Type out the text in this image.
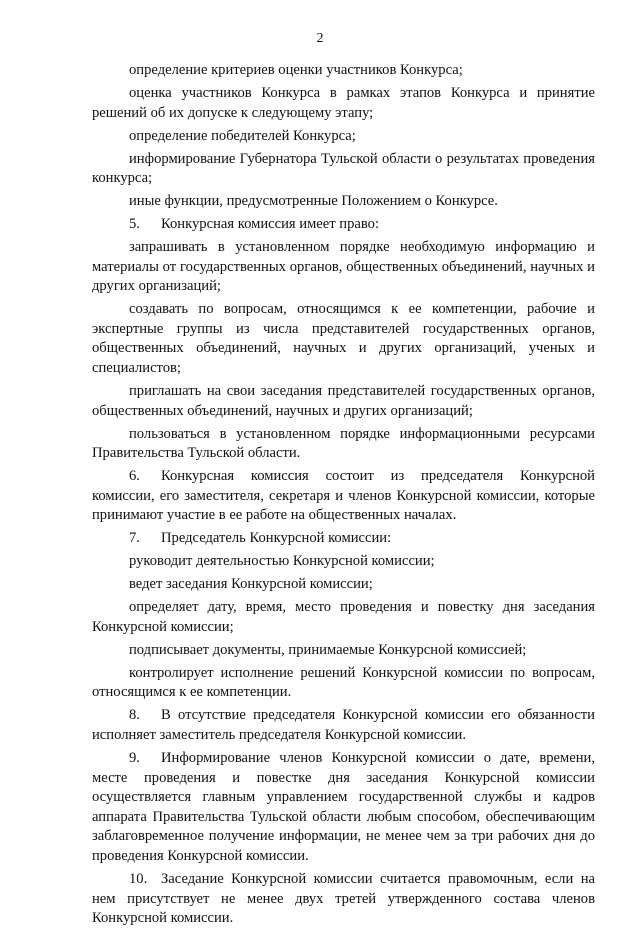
2

определение критериев оценки участников Конкурса;

оценка участников Конкурса в рамках этапов Конкурса и принятие решений об их допуске к следующему этапу;

определение победителей Конкурса;

информирование Губернатора Тульской области о результатах проведения конкурса;

иные функции, предусмотренные Положением о Конкурсе.

5. Конкурсная комиссия имеет право:

запрашивать в установленном порядке необходимую информацию и материалы от государственных органов, общественных объединений, научных и других организаций;

создавать по вопросам, относящимся к ее компетенции, рабочие и экспертные группы из числа представителей государственных органов, общественных объединений, научных и других организаций, ученых и специалистов;

приглашать на свои заседания представителей государственных органов, общественных объединений, научных и других организаций;

пользоваться в установленном порядке информационными ресурсами Правительства Тульской области.

6. Конкурсная комиссия состоит из председателя Конкурсной комиссии, его заместителя, секретаря и членов Конкурсной комиссии, которые принимают участие в ее работе на общественных началах.

7. Председатель Конкурсной комиссии:

руководит деятельностью Конкурсной комиссии;

ведет заседания Конкурсной комиссии;

определяет дату, время, место проведения и повестку дня заседания Конкурсной комиссии;

подписывает документы, принимаемые Конкурсной комиссией;

контролирует исполнение решений Конкурсной комиссии по вопросам, относящимся к ее компетенции.

8. В отсутствие председателя Конкурсной комиссии его обязанности исполняет заместитель председателя Конкурсной комиссии.

9. Информирование членов Конкурсной комиссии о дате, времени, месте проведения и повестке дня заседания Конкурсной комиссии осуществляется главным управлением государственной службы и кадров аппарата Правительства Тульской области любым способом, обеспечивающим заблаговременное получение информации, не менее чем за три рабочих дня до проведения Конкурсной комиссии.

10. Заседание Конкурсной комиссии считается правомочным, если на нем присутствует не менее двух третей утвержденного состава членов Конкурсной комиссии.
